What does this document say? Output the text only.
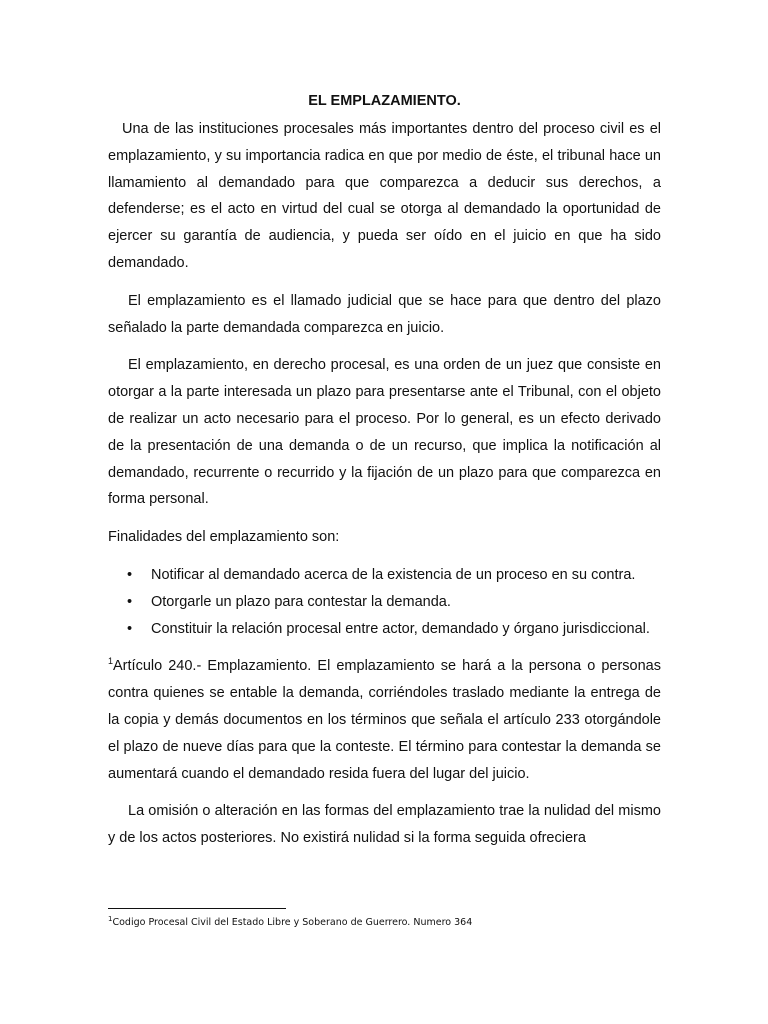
EL EMPLAZAMIENTO.

Una de las instituciones procesales más importantes dentro del proceso civil es el emplazamiento, y su importancia radica en que por medio de éste, el tribunal hace un llamamiento al demandado para que comparezca a deducir sus derechos, a defenderse; es el acto en virtud del cual se otorga al demandado la oportunidad de ejercer su garantía de audiencia, y pueda ser oído en el juicio en que ha sido demandado.

El emplazamiento es el llamado judicial que se hace para que dentro del plazo señalado la parte demandada comparezca en juicio.

El emplazamiento, en derecho procesal, es una orden de un juez que consiste en otorgar a la parte interesada un plazo para presentarse ante el Tribunal, con el objeto de realizar un acto necesario para el proceso. Por lo general, es un efecto derivado de la presentación de una demanda o de un recurso, que implica la notificación al demandado, recurrente o recurrido y la fijación de un plazo para que comparezca en forma personal.

Finalidades del emplazamiento son:

• Notificar al demandado acerca de la existencia de un proceso en su contra.
• Otorgarle un plazo para contestar la demanda.
• Constituir la relación procesal entre actor, demandado y órgano jurisdiccional.

$^1$Artículo 240.- Emplazamiento. El emplazamiento se hará a la persona o personas contra quienes se entable la demanda, corriéndoles traslado mediante la entrega de la copia y demás documentos en los términos que señala el artículo 233 otorgándole el plazo de nueve días para que la conteste. El término para contestar la demanda se aumentará cuando el demandado resida fuera del lugar del juicio.

La omisión o alteración en las formas del emplazamiento trae la nulidad del mismo y de los actos posteriores. No existirá nulidad si la forma seguida ofreciera

$^1$Codigo Procesal Civil del Estado Libre y Soberano de Guerrero. Numero 364
